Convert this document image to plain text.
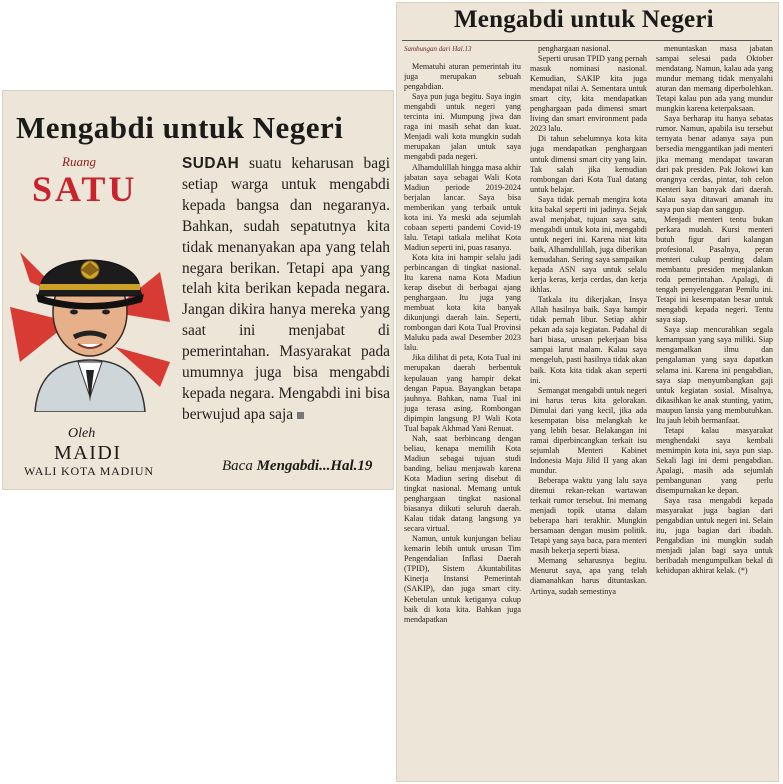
Mengabdi untuk Negeri
Ruang
SATU
Oleh
MAIDI
WALI KOTA MADIUN

SUDAH suatu keharusan bagi setiap warga untuk mengabdi kepada bangsa dan negaranya. Bahkan, sudah sepatutnya kita tidak menanyakan apa yang telah negara berikan. Tetapi apa yang telah kita berikan kepada negara. Jangan dikira hanya mereka yang saat ini menjabat di pemerintahan. Masyarakat pada umumnya juga bisa mengabdi kepada negara. Mengabdi ini bisa berwujud apa saja

Baca Mengabdi...Hal.19
Mengabdi untuk Negeri

Sambungan dari Hal.13

Mematuhi aturan pemerintah itu juga merupakan sebuah pengabdian.

Saya pun juga begitu. Saya ingin mengabdi untuk negeri yang tercinta ini. Mumpung jiwa dan raga ini masih sehat dan kuat. Menjadi wali kota mungkin sudah merupakan jalan untuk saya mengabdi pada negeri.

Alhamdulillah hingga masa akhir jabatan saya sebagai Wali Kota Madiun periode 2019-2024 berjalan lancar. Saya bisa memberikan yang terbaik untuk kota ini. Ya meski ada sejumlah cobaan seperti pandemi Covid-19 lalu. Tetapi tatkala melihat Kota Madiun seperti ini, puas rasanya.

Kota kita ini hampir selalu jadi perbincangan di tingkat nasional. Itu karena nama Kota Madiun kerap disebut di berbagai ajang penghargaan. Itu juga yang membuat kota kita banyak dikunjungi daerah lain. Seperti, rombongan dari Kota Tual Provinsi Maluku pada awal Desember 2023 lalu.

Jika dilihat di peta, Kota Tual ini merupakan daerah berbentuk kepulauan yang hampir dekat dengan Papua. Bayangkan betapa jauhnya. Bahkan, nama Tual ini juga terasa asing. Rombongan dipimpin langsung PJ Wali Kota Tual bapak Akhmad Yani Renuat.

Nah, saat berbincang dengan beliau, kenapa memilih Kota Madiun sebagai tujuan studi banding, beliau menjawab karena Kota Madiun sering disebut di tingkat nasional. Memang untuk penghargaan tingkat nasional biasanya diikuti seluruh daerah. Kalau tidak datang langsung ya secara virtual.

Namun, untuk kunjungan beliau kemarin lebih untuk urusan Tim Pengendalian Inflasi Daerah (TPID), Sistem Akuntabilitas Kinerja Instansi Pemerintah (SAKIP), dan juga smart city. Kebetulan untuk ketiganya cukup baik di kota kita. Bahkan juga mendapatkan

penghargaan nasional.

Seperti urusan TPID yang pernah masuk nominasi nasional. Kemudian, SAKIP kita juga mendapat nilai A. Sementara untuk smart city, kita mendapatkan penghargaan pada dimensi smart living dan smart environment pada 2023 lalu.

Di tahun sebelumnya kota kita juga mendapatkan penghargaan untuk dimensi smart city yang lain. Tak salah jika kemudian rombongan dari Kota Tual datang untuk belajar.

Saya tidak pernah mengira kota kita bakal seperti ini jadinya. Sejak awal menjabat, tujuan saya satu, mengabdi untuk kota ini, mengabdi untuk negeri ini. Karena niat kita baik, Alhamdulillah, juga diberikan kemudahan. Sering saya sampaikan kepada ASN saya untuk selalu kerja keras, kerja cerdas, dan kerja ikhlas.

Tatkala itu dikerjakan, Insya Allah hasilnya baik. Saya hampir tidak pernah libur. Setiap akhir pekan ada saja kegiatan. Padahal di hari biasa, urusan pekerjaan bisa sampai larut malam. Kalau saya mengeluh, pasti hasilnya tidak akan baik. Kota kita tidak akan seperti ini.

Semangat mengabdi untuk negeri ini harus terus kita gelorakan. Dimulai dari yang kecil, jika ada kesempatan bisa melangkah ke yang lebih besar. Belakangan ini ramai diperbincangkan terkait isu sejumlah Menteri Kabinet Indonesia Maju Jilid II yang akan mundur.

Beberapa waktu yang lalu saya ditemui rekan-rekan wartawan terkait rumor tersebut. Ini memang menjadi topik utama dalam beberapa hari terakhir. Mungkin bersamaan dengan musim politik. Tetapi yang saya baca, para menteri masih bekerja seperti biasa.

Memang seharusnya begitu. Menurut saya, apa yang telah diamanahkan harus dituntaskan. Artinya, sudah semestinya

menuntaskan masa jabatan sampai selesai pada Oktober mendatang. Namun, kalau ada yang mundur memang tidak menyalahi aturan dan memang diperbolehkan. Tetapi kalau pun ada yang mundur mungkin karena keterpaksaan.

Saya berharap itu hanya sebatas rumor. Namun, apabila isu tersebut ternyata benar adanya saya pun bersedia menggantikan jadi menteri jika memang mendapat tawaran dari pak presiden. Pak Jokowi kan orangnya cerdas, pintar, toh celon menteri kan banyak dari daerah. Kalau saya ditawari amanah itu saya pun siap dan sanggup.

Menjadi menteri tentu bukan perkara mudah. Kursi menteri butuh figur dari kalangan profesional. Pasalnya, peran menteri cukup penting dalam membantu presiden menjalankan roda pemerintahan. Apalagi, di tengah penyelenggaran Pemilu ini. Tetapi ini kesempatan besar untuk mengabdi kepada negeri. Tentu saya siap.

Saya siap mencurahkan segala kemampuan yang saya miliki. Siap mengamalkan ilmu dan pengalaman yang saya dapatkan selama ini. Karena ini pengabdian, saya siap menyumbangkan gaji untuk kegiatan sosial. Misalnya, dikasihkan ke anak stunting, yatim, maupun lansia yang membutuhkan. Itu jauh lebih bermanfaat.

Tetapi kalau masyarakat menghendaki saya kembali memimpin kota ini, saya pun siap. Sekali lagi ini demi pengabdian. Apalagi, masih ada sejumlah pembangunan yang perlu disempurnakan ke depan.

Saya rasa mengabdi kepada masyarakat juga bagian dari pengabdian untuk negeri ini. Selain itu, juga bagian dari ibadah. Pengabdian ini mungkin sudah menjadi jalan bagi saya untuk beribadah mengumpulkan bekal di kehidupan akhirat kelak. (*)
